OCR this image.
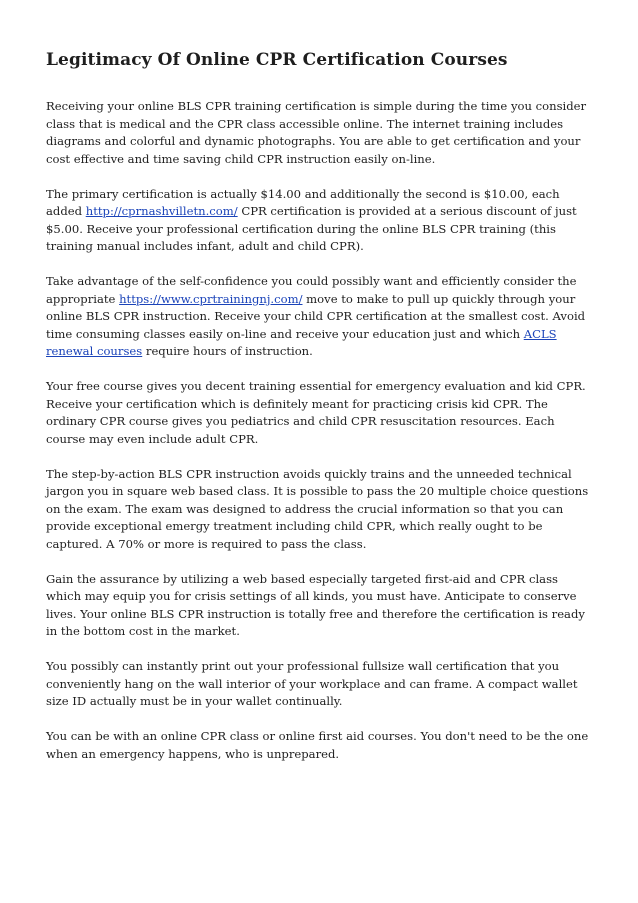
Legitimacy Of Online CPR Certification Courses

Receiving your online BLS CPR training certification is simple during the time you consider class that is medical and the CPR class accessible online. The internet training includes diagrams and colorful and dynamic photographs. You are able to get certification and your cost effective and time saving child CPR instruction easily on-line.

The primary certification is actually $14.00 and additionally the second is $10.00, each added http://cprnashvilletn.com/ CPR certification is provided at a serious discount of just $5.00. Receive your professional certification during the online BLS CPR training (this training manual includes infant, adult and child CPR).

Take advantage of the self-confidence you could possibly want and efficiently consider the appropriate https://www.cprtrainingnj.com/ move to make to pull up quickly through your online BLS CPR instruction. Receive your child CPR certification at the smallest cost. Avoid time consuming classes easily on-line and receive your education just and which ACLS renewal courses require hours of instruction.

Your free course gives you decent training essential for emergency evaluation and kid CPR. Receive your certification which is definitely meant for practicing crisis kid CPR. The ordinary CPR course gives you pediatrics and child CPR resuscitation resources. Each course may even include adult CPR.

The step-by-action BLS CPR instruction avoids quickly trains and the unneeded technical jargon you in square web based class. It is possible to pass the 20 multiple choice questions on the exam. The exam was designed to address the crucial information so that you can provide exceptional emergy treatment including child CPR, which really ought to be captured. A 70% or more is required to pass the class.

Gain the assurance by utilizing a web based especially targeted first-aid and CPR class which may equip you for crisis settings of all kinds, you must have. Anticipate to conserve lives. Your online BLS CPR instruction is totally free and therefore the certification is ready in the bottom cost in the market.

You possibly can instantly print out your professional fullsize wall certification that you conveniently hang on the wall interior of your workplace and can frame. A compact wallet size ID actually must be in your wallet continually.

You can be with an online CPR class or online first aid courses. You don't need to be the one when an emergency happens, who is unprepared.
